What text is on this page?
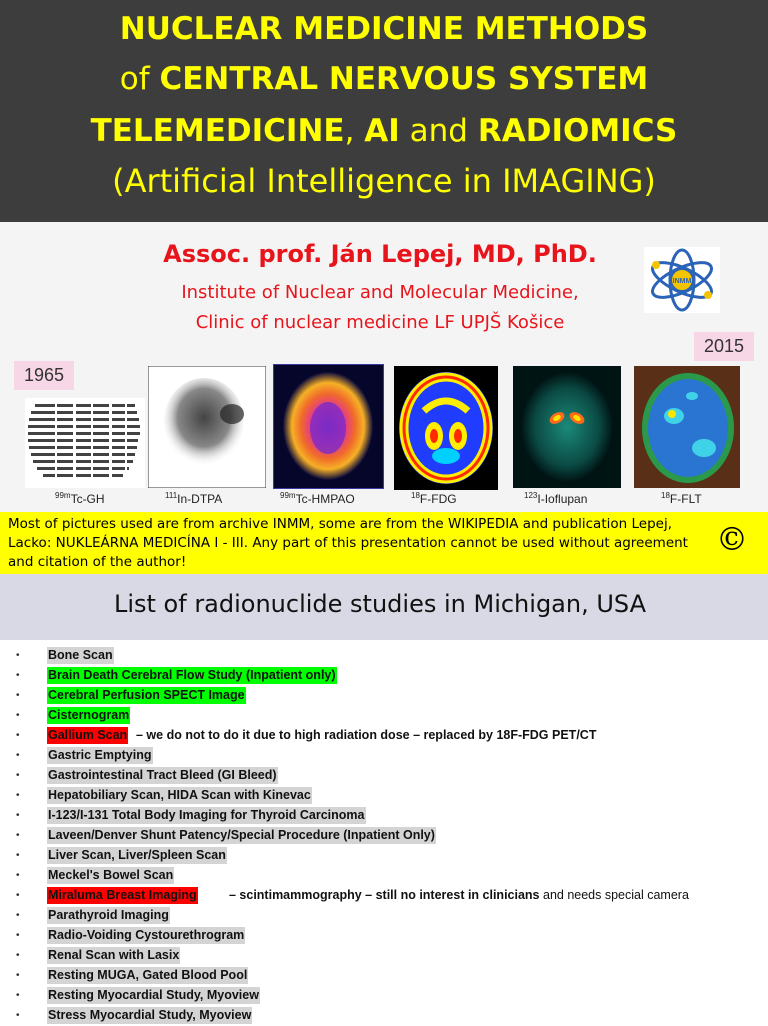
NUCLEAR MEDICINE METHODS
of CENTRAL NERVOUS SYSTEM
TELEMEDICINE, AI and RADIOMICS
(Artificial Intelligence in IMAGING)
Assoc. prof. Ján Lepej, MD, PhD.
Institute of Nuclear and Molecular Medicine,
Clinic of nuclear medicine LF UPJŠ Košice
INMM
1965
2015
$^{99m}$Tc-GH	$^{111}$In-DTPA	$^{99m}$Tc-HMPAO	$^{18}$F-FDG	$^{123}$I-Ioflupan	$^{18}$F-FLT
Most of pictures used are from archive INMM, some are from the WIKIPEDIA and publication Lepej, Lacko: NUKLEÁRNA MEDICÍNA I - III. Any part of this presentation cannot be used without agreement and citation of the author!
©
List of radionuclide studies in Michigan, USA
• Bone Scan
• Brain Death Cerebral Flow Study (Inpatient only)
• Cerebral Perfusion SPECT Image
• Cisternogram
• Gallium Scan – we do not to do it due to high radiation dose – replaced by 18F-FDG PET/CT
• Gastric Emptying
• Gastrointestinal Tract Bleed (GI Bleed)
• Hepatobiliary Scan, HIDA Scan with Kinevac
• I-123/I-131 Total Body Imaging for Thyroid Carcinoma
• Laveen/Denver Shunt Patency/Special Procedure (Inpatient Only)
• Liver Scan, Liver/Spleen Scan
• Meckel's Bowel Scan
• Miraluma Breast Imaging	– scintimammography – still no interest in clinicians and needs special camera
• Parathyroid Imaging
• Radio-Voiding Cystourethrogram
• Renal Scan with Lasix
• Resting MUGA, Gated Blood Pool
• Resting Myocardial Study, Myoview
• Stress Myocardial Study, Myoview
